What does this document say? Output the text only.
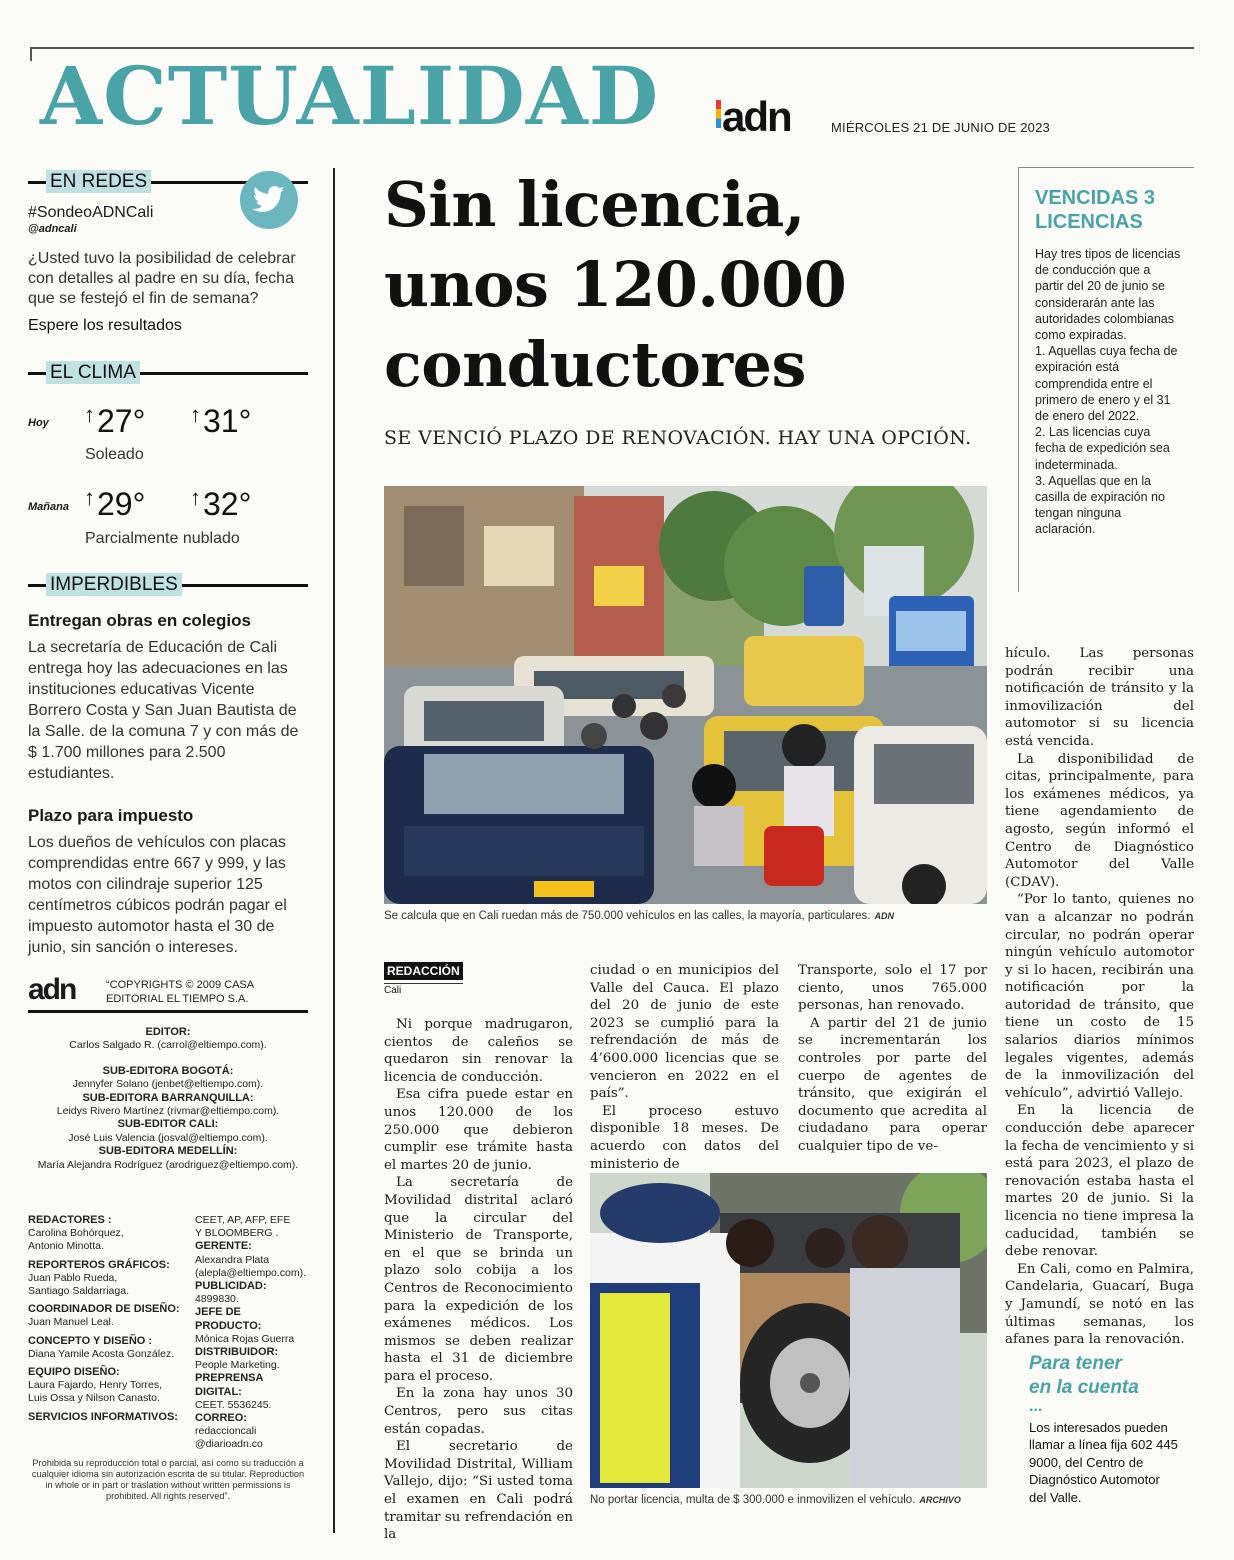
ACTUALIDAD adn	MIÉRCOLES 21 DE JUNIO DE 2023
EN REDES
#SondeoADNCali
@adncali
¿Usted tuvo la posibilidad de celebrar con detalles al padre en su día, fecha que se festejó el fin de semana?
Espere los resultados
EL CLIMA
Hoy ↑27° ↑31°
Soleado
Mañana ↑29° ↑32°
Parcialmente nublado
IMPERDIBLES
Entregan obras en colegios
La secretaría de Educación de Cali entrega hoy las adecuaciones en las instituciones educativas Vicente Borrero Costa y San Juan Bautista de la Salle. de la comuna 7 y con más de $ 1.700 millones para 2.500 estudiantes.
Plazo para impuesto
Los dueños de vehículos con placas comprendidas entre 667 y 999, y las motos con cilindraje superior 125 centímetros cúbicos podrán pagar el impuesto automotor hasta el 30 de junio, sin sanción o intereses.
adn	“COPYRIGHTS © 2009 CASA
EDITORIAL EL TIEMPO S.A.
EDITOR:
Carlos Salgado R. (carrol@eltiempo.com).
SUB-EDITORA BOGOTÁ:
Jennyfer Solano (jenbet@eltiempo.com).
SUB-EDITORA BARRANQUILLA:
Leidys Rivero Martínez (rivmar@eltiempo.com).
SUB-EDITOR CALI:
José Luis Valencia (josval@eltiempo.com).
SUB-EDITORA MEDELLÍN:
María Alejandra Rodríguez (arodriguez@eltiempo.com).
REDACTORES :
Carolina Bohórquez,
Antonio Minotta.
REPORTEROS GRÁFICOS:
Juan Pablo Rueda,
Santiago Saldarriaga.
COORDINADOR DE DISEÑO:
Juan Manuel Leal.
CONCEPTO Y DISEÑO :
Diana Yamile Acosta González.
EQUIPO DISEÑO:
Laura Fajardo, Henry Torres,
Luis Ossa y Nilson Canasto.
SERVICIOS INFORMATIVOS:
CEET, AP, AFP, EFE
Y BLOOMBERG .
GERENTE:
Alexandra Plata
(aleplа@eltiempo.com).
PUBLICIDAD:
4899830.
JEFE DE PRODUCTO:
Mónica Rojas Guerra
DISTRIBUIDOR:
People Marketing.
PREPRENSA DIGITAL:
CEET. 5536245.
CORREO:
redaccioncali
@diarioadn.co
Prohibida su reproducción total o parcial, así como su traducción a cualquier idioma sin autorización escrita de su titular. Reproduction in whole or in part or traslation without written permissions is prohibited. All rights reserved”.
Sin licencia,
unos 120.000
conductores
SE VENCIÓ PLAZO DE RENOVACIÓN. HAY UNA OPCIÓN.
Se calcula que en Cali ruedan más de 750.000 vehículos en las calles, la mayoría, particulares. ADN
REDACCIÓN
Cali

Ni porque madrugaron, cientos de caleños se quedaron sin renovar la licencia de conducción.

Esa cifra puede estar en unos 120.000 de los 250.000 que debieron cumplir ese trámite hasta el martes 20 de junio.

La secretaría de Movilidad distrital aclaró que la circular del Ministerio de Transporte, en el que se brinda un plazo solo cobija a los Centros de Reconocimiento para la expedición de los exámenes médicos. Los mismos se deben realizar hasta el 31 de diciembre para el proceso.

En la zona hay unos 30 Centros, pero sus citas están copadas.

El secretario de Movilidad Distrital, William Vallejo, dijo: “Si usted toma el examen en Cali podrá tramitar su refrendación en la

ciudad o en municipios del Valle del Cauca. El plazo del 20 de junio de este 2023 se cumplió para la refrendación de más de 4’600.000 licencias que se vencieron en 2022 en el país”.

El proceso estuvo disponible 18 meses. De acuerdo con datos del ministerio de

Transporte, solo el 17 por ciento, unos 765.000 personas, han renovado.

A partir del 21 de junio se incrementarán los controles por parte del cuerpo de agentes de tránsito, que exigirán el documento que acredita al ciudadano para operar cualquier tipo de ve-

hículo. Las personas podrán recibir una notificación de tránsito y la inmovilización del automotor si su licencia está vencida.

La disponibilidad de citas, principalmente, para los exámenes médicos, ya tiene agendamiento de agosto, según informó el Centro de Diagnóstico Automotor del Valle (CDAV).

“Por lo tanto, quienes no van a alcanzar no podrán circular, no podrán operar ningún vehículo automotor y si lo hacen, recibirán una notificación por la autoridad de tránsito, que tiene un costo de 15 salarios diarios mínimos legales vigentes, además de la inmovilización del vehículo”, advirtió Vallejo.

En la licencia de conducción debe aparecer la fecha de vencimiento y si está para 2023, el plazo de renovación estaba hasta el martes 20 de junio. Si la licencia no tiene impresa la caducidad, también se debe renovar.

En Cali, como en Palmira, Candelaria, Guacarí, Buga y Jamundí, se notó en las últimas semanas, los afanes para la renovación.

No portar licencia, multa de $ 300.000 e inmovilizen el vehículo. ARCHIVO
VENCIDAS 3
LICENCIAS
Hay tres tipos de licencias de conducción que a partir del 20 de junio se considerarán ante las autoridades colombianas como expiradas.
1. Aquellas cuya fecha de expiración está comprendida entre el primero de enero y el 31 de enero del 2022.
2. Las licencias cuya fecha de expedición sea indeterminada.
3. Aquellas que en la casilla de expiración no tengan ninguna aclaración.
Para tener
en la cuenta
...
Los interesados pueden llamar a línea fija 602 445 9000, del Centro de Diagnóstico Automotor del Valle.
